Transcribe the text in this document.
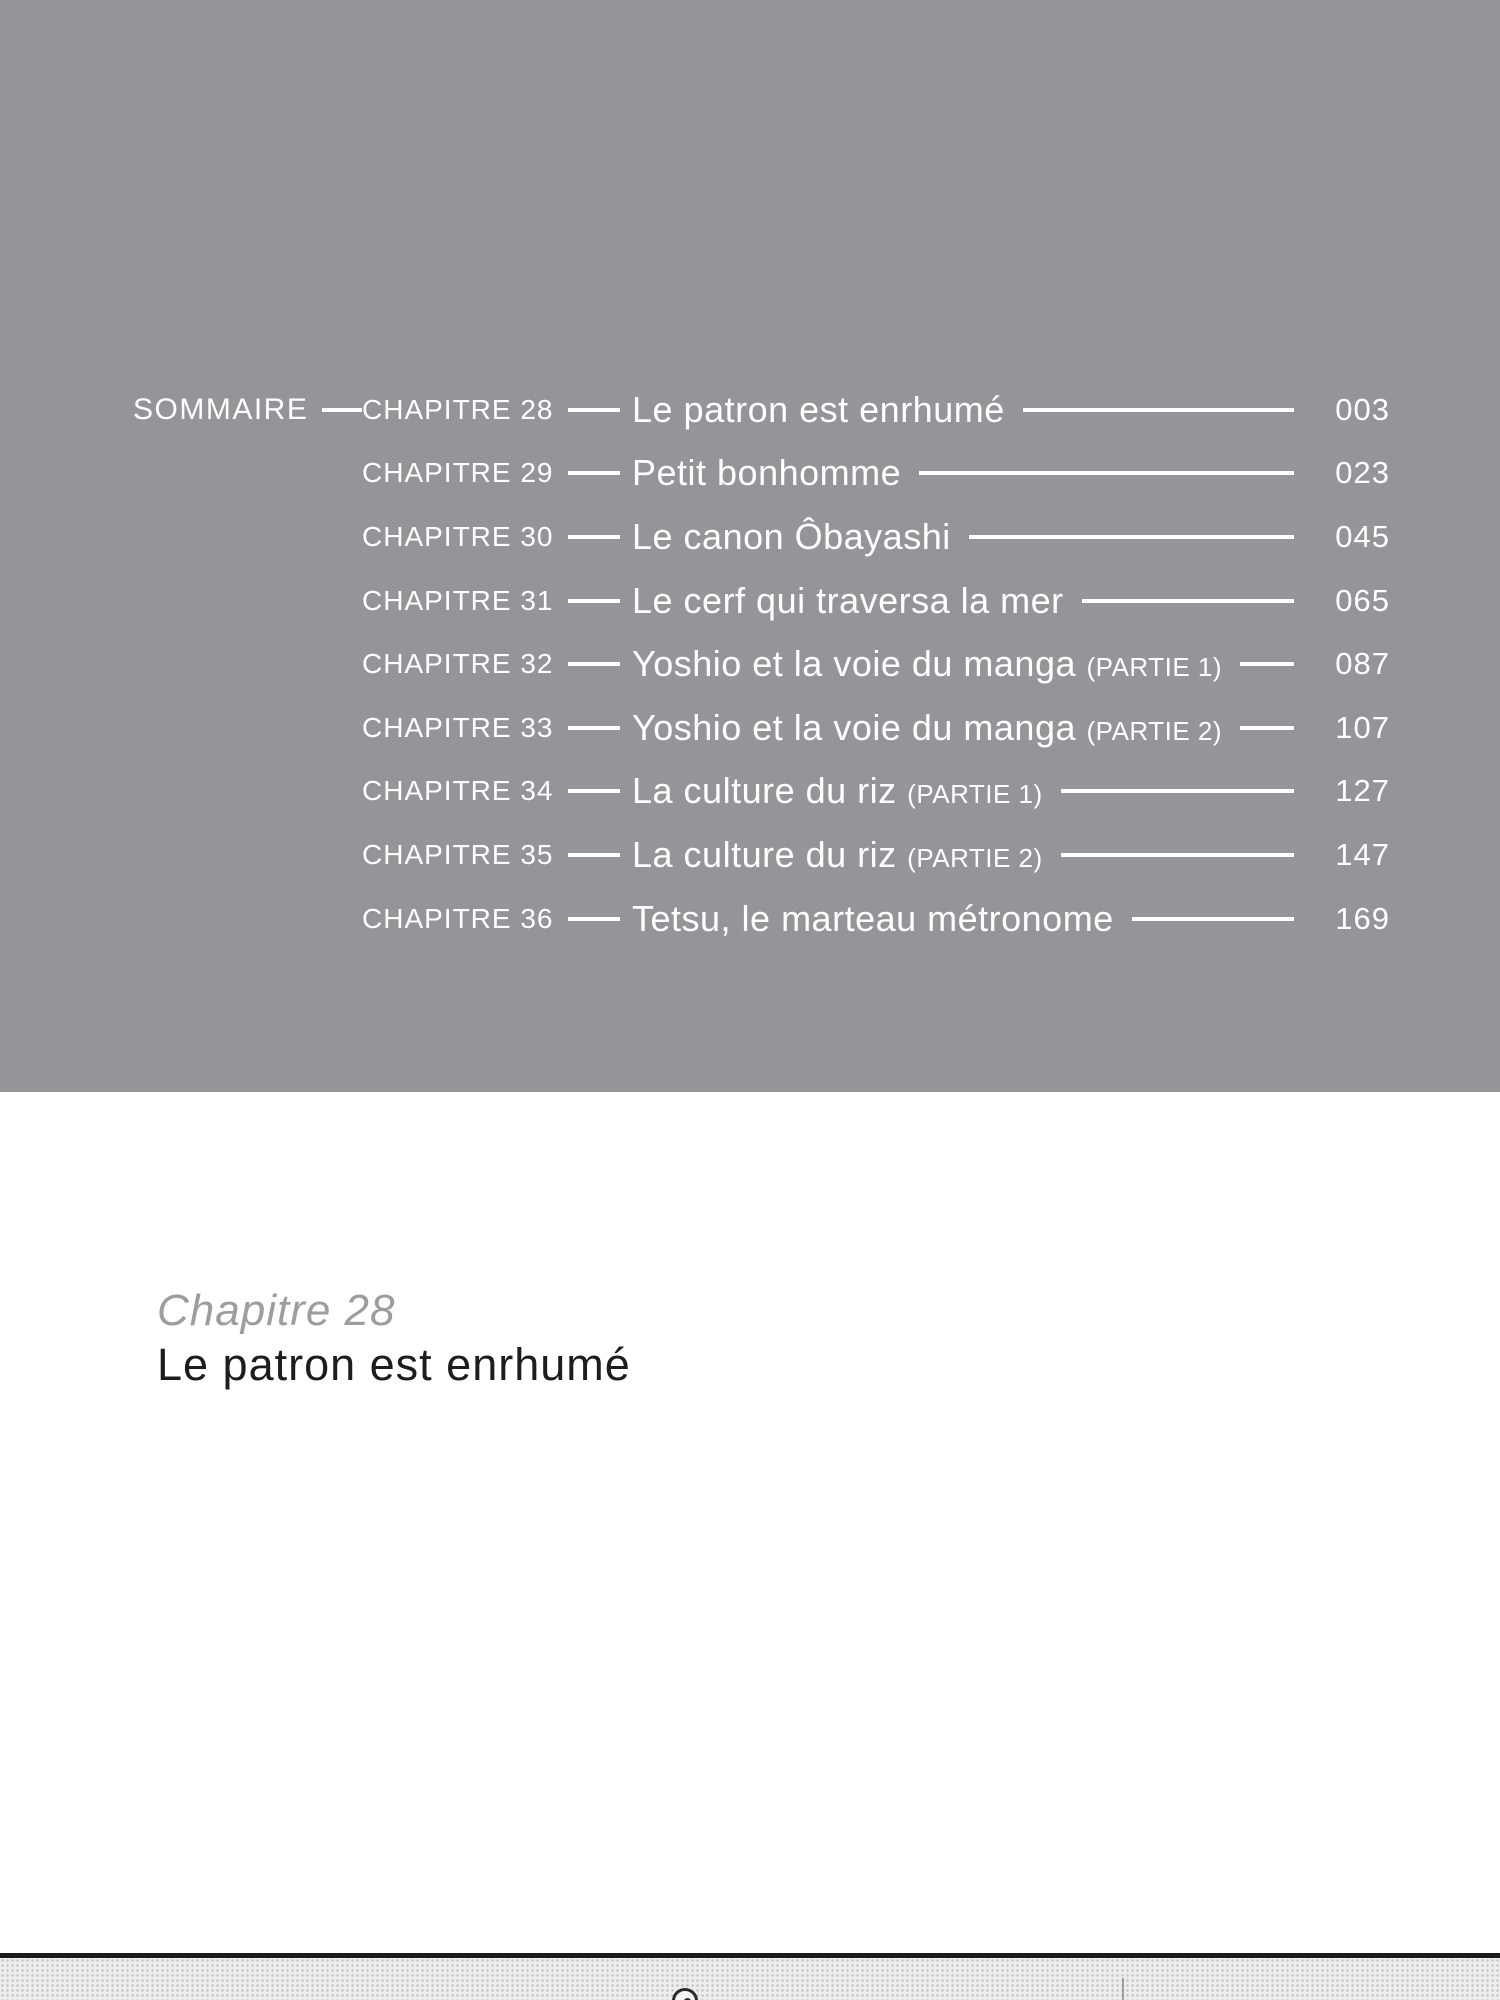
SOMMAIRE CHAPITRE 28 Le patron est enrhumé	003
CHAPITRE 29 Petit bonhomme	023
CHAPITRE 30 Le canon Ôbayashi	045
CHAPITRE 31 Le cerf qui traversa la mer	065
CHAPITRE 32 Yoshio et la voie du manga (PARTIE 1)	087
CHAPITRE 33 Yoshio et la voie du manga (PARTIE 2)	107
CHAPITRE 34 La culture du riz (PARTIE 1)	127
CHAPITRE 35 La culture du riz (PARTIE 2)	147
CHAPITRE 36 Tetsu, le marteau métronome	169
Chapitre 28
Le patron est enrhumé
